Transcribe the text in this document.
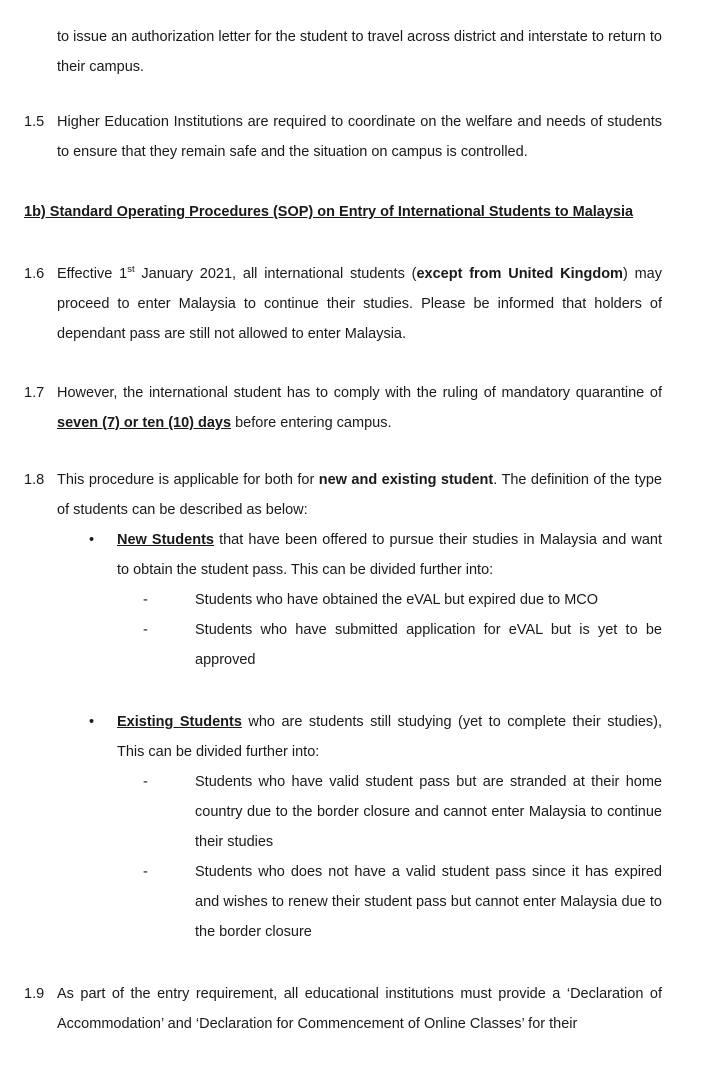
to issue an authorization letter for the student to travel across district and interstate to return to their campus.

1.5 Higher Education Institutions are required to coordinate on the welfare and needs of students to ensure that they remain safe and the situation on campus is controlled.

1b) Standard Operating Procedures (SOP) on Entry of International Students to Malaysia
1.6 Effective 1st January 2021, all international students (except from United Kingdom) may proceed to enter Malaysia to continue their studies. Please be informed that holders of dependant pass are still not allowed to enter Malaysia.

1.7 However, the international student has to comply with the ruling of mandatory quarantine of seven (7) or ten (10) days before entering campus.

1.8 This procedure is applicable for both for new and existing student. The definition of the type of students can be described as below:

•	New Students that have been offered to pursue their studies in Malaysia and want to obtain the student pass. This can be divided further into:

-	Students who have obtained the eVAL but expired due to MCO

-	Students who have submitted application for eVAL but is yet to be approved

•	Existing Students who are students still studying (yet to complete their studies), This can be divided further into:

-	Students who have valid student pass but are stranded at their home country due to the border closure and cannot enter Malaysia to continue their studies

-	Students who does not have a valid student pass since it has expired and wishes to renew their student pass but cannot enter Malaysia due to the border closure

1.9 As part of the entry requirement, all educational institutions must provide a ‘Declaration of Accommodation’ and ‘Declaration for Commencement of Online Classes’ for their
